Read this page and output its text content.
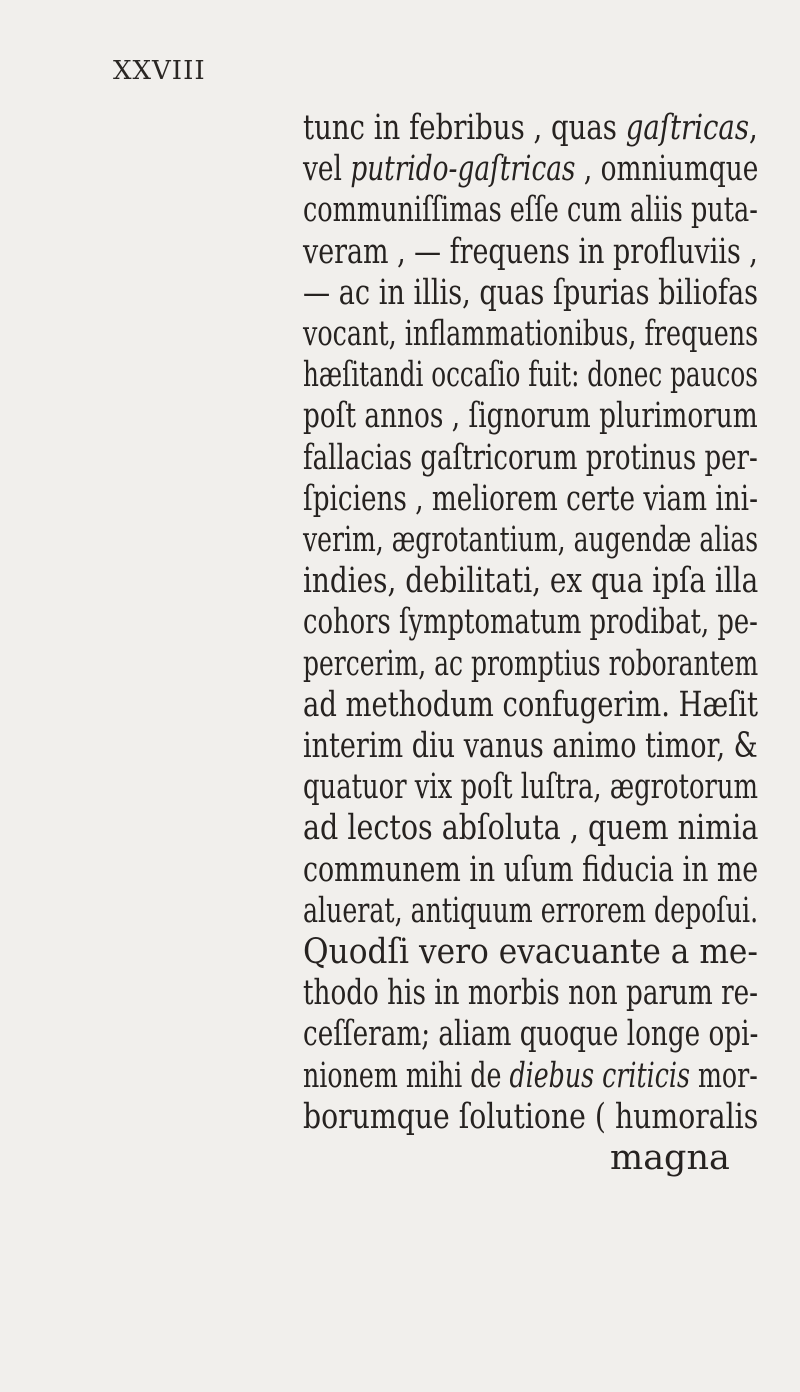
XXVIII
tunc in febribus , quas gaſtricas,
vel putrido-gaſtricas , omniumque
communiſſimas eſſe cum aliis puta-
veram , — frequens in profluviis ,
— ac in illis, quas ſpurias biliofas
vocant, inflammationibus, frequens
hæſitandi occaſio fuit: donec paucos
poſt annos , ſignorum plurimorum
fallacias gaſtricorum protinus per-
ſpiciens , meliorem certe viam ini-
verim, ægrotantium, augendæ alias
indies, debilitati, ex qua ipſa illa
cohors ſymptomatum prodibat, pe-
percerim, ac promptius roborantem
ad methodum confugerim. Hæſit
interim diu vanus animo timor, &
quatuor vix poſt luſtra, ægrotorum
ad lectos abſoluta , quem nimia
communem in uſum fiducia in me
aluerat, antiquum errorem depoſui.
Quodſi vero evacuante a me-
thodo his in morbis non parum re-
ceſſeram; aliam quoque longe opi-
nionem mihi de diebus criticis mor-
borumque ſolutione ( humoralis
magna
